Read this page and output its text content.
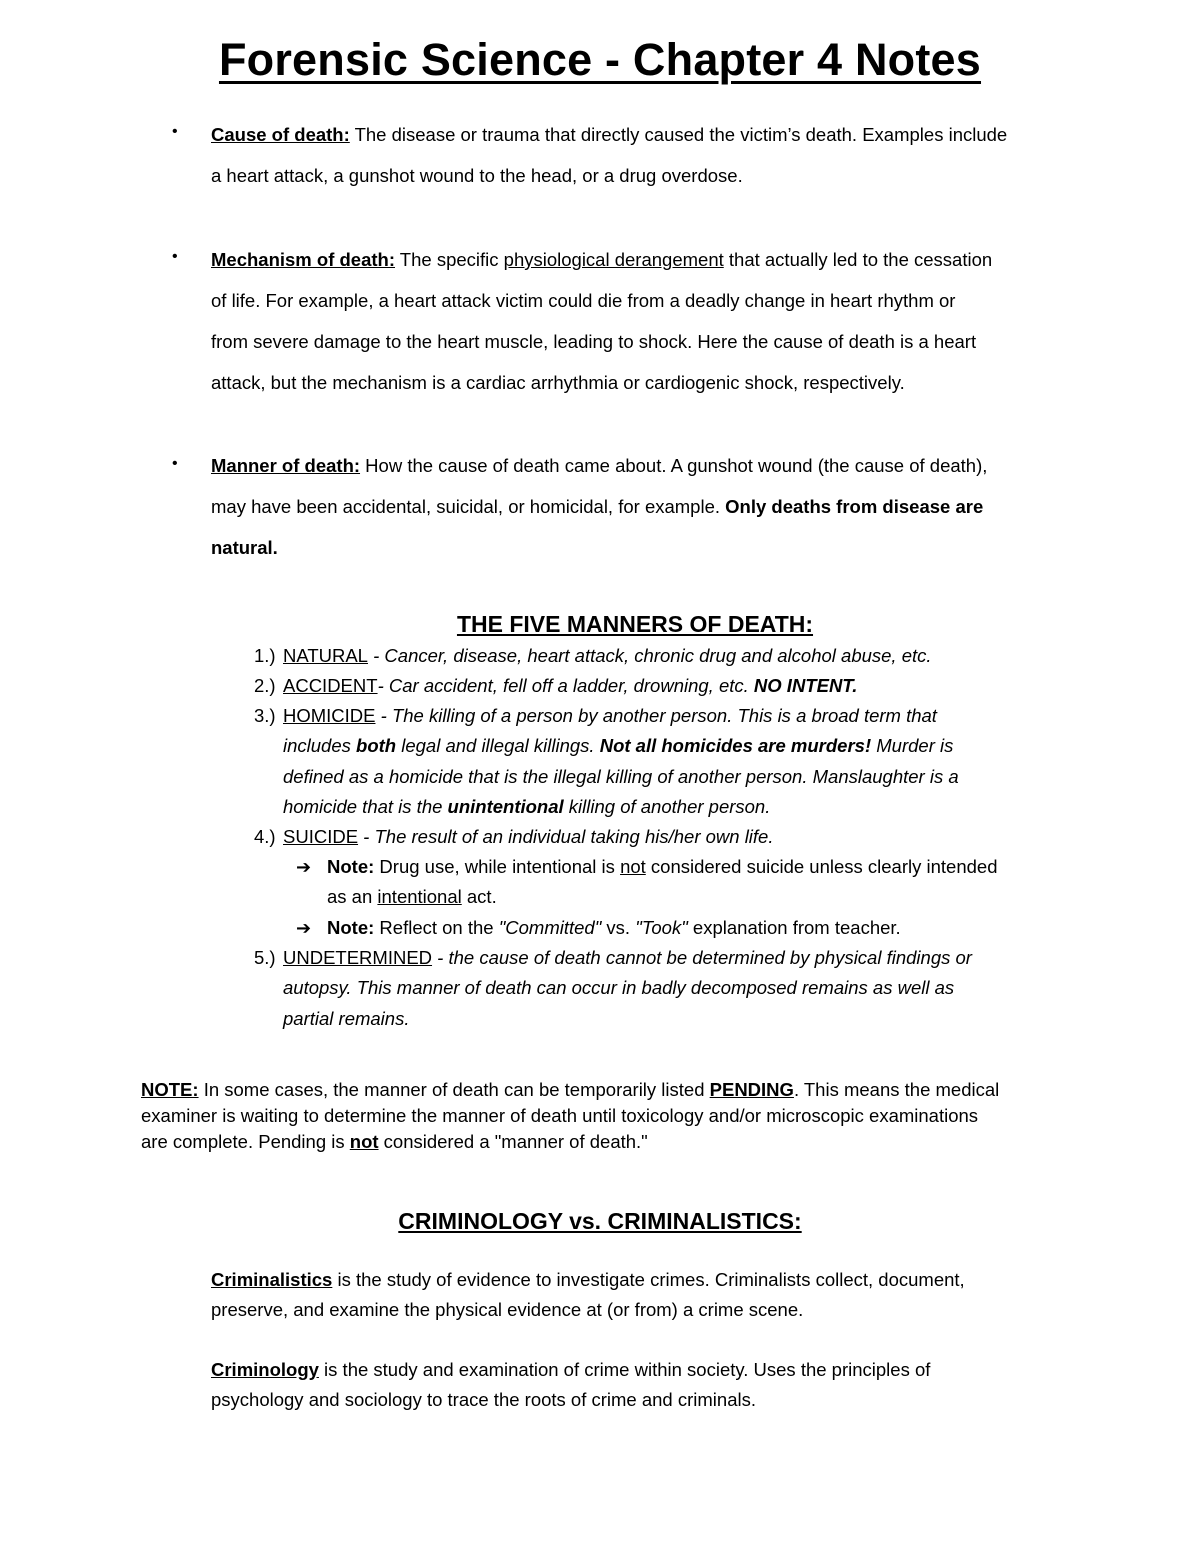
Forensic Science - Chapter 4 Notes
• Cause of death: The disease or trauma that directly caused the victim’s death. Examples include
a heart attack, a gunshot wound to the head, or a drug overdose.
• Mechanism of death: The specific physiological derangement that actually led to the cessation
of life. For example, a heart attack victim could die from a deadly change in heart rhythm or
from severe damage to the heart muscle, leading to shock. Here the cause of death is a heart
attack, but the mechanism is a cardiac arrhythmia or cardiogenic shock, respectively.
• Manner of death: How the cause of death came about. A gunshot wound (the cause of death),
may have been accidental, suicidal, or homicidal, for example. Only deaths from disease are
natural.
THE FIVE MANNERS OF DEATH:
1.) NATURAL - Cancer, disease, heart attack, chronic drug and alcohol abuse, etc.
2.) ACCIDENT- Car accident, fell off a ladder, drowning, etc. NO INTENT.
3.) HOMICIDE - The killing of a person by another person. This is a broad term that
includes both legal and illegal killings. Not all homicides are murders! Murder is
defined as a homicide that is the illegal killing of another person. Manslaughter is a
homicide that is the unintentional killing of another person.
4.) SUICIDE - The result of an individual taking his/her own life.
➔ Note: Drug use, while intentional is not considered suicide unless clearly intended
as an intentional act.
➔ Note: Reflect on the "Committed" vs. "Took" explanation from teacher.
5.) UNDETERMINED - the cause of death cannot be determined by physical findings or
autopsy. This manner of death can occur in badly decomposed remains as well as
partial remains.
NOTE: In some cases, the manner of death can be temporarily listed PENDING. This means the medical
examiner is waiting to determine the manner of death until toxicology and/or microscopic examinations
are complete. Pending is not considered a "manner of death."
CRIMINOLOGY vs. CRIMINALISTICS:
Criminalistics is the study of evidence to investigate crimes. Criminalists collect, document,
preserve, and examine the physical evidence at (or from) a crime scene.
Criminology is the study and examination of crime within society. Uses the principles of
psychology and sociology to trace the roots of crime and criminals.
